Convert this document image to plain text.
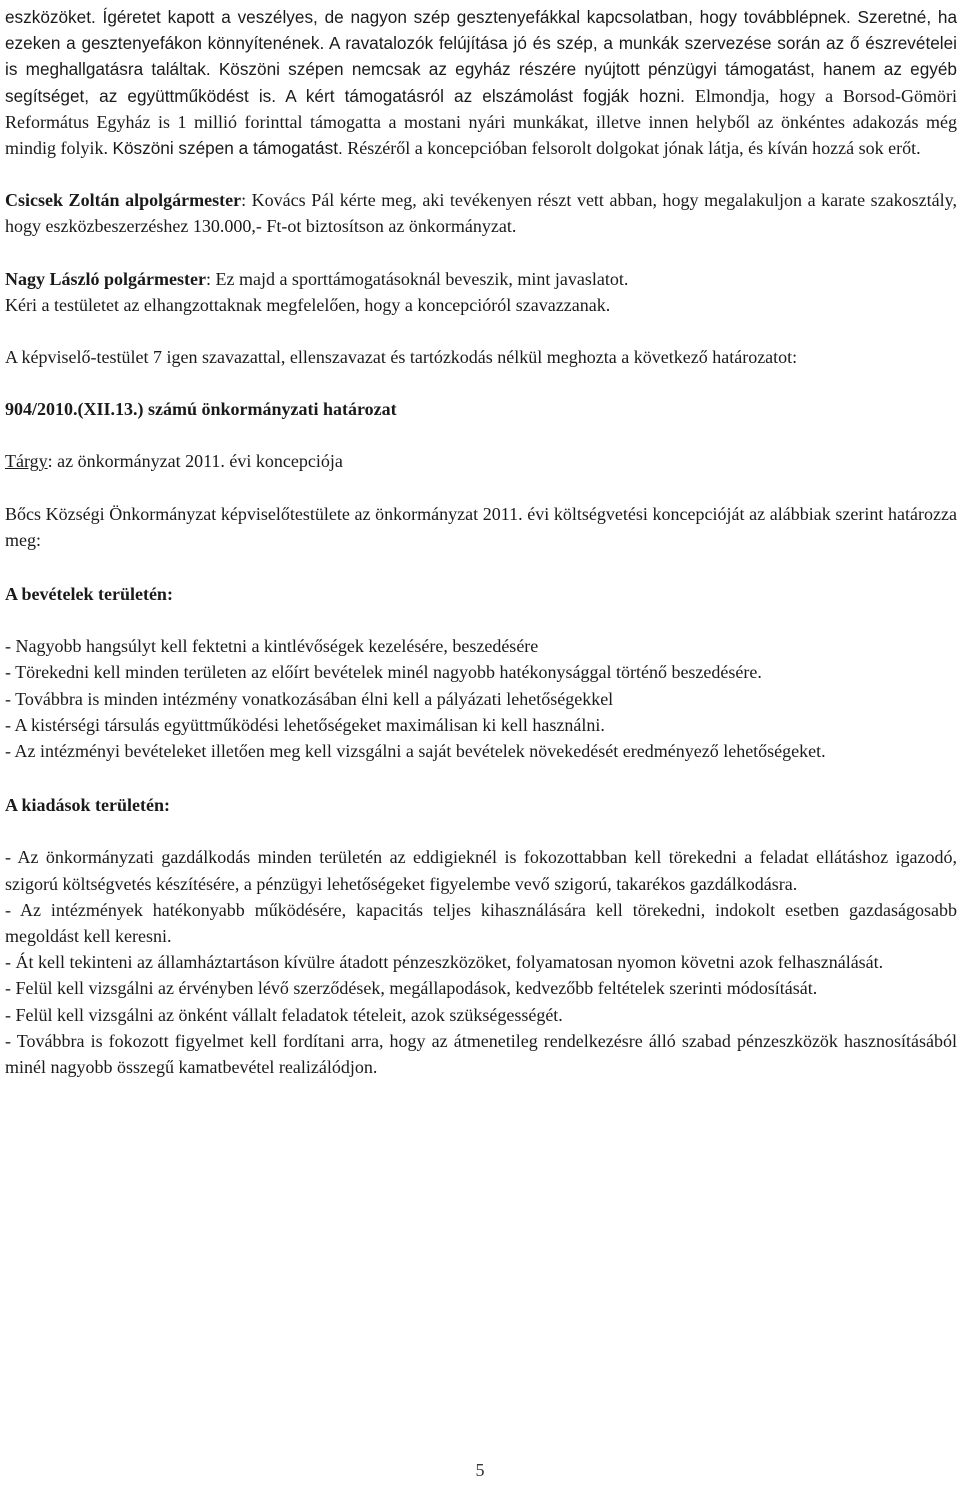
eszközöket. Ígéretet kapott a veszélyes, de nagyon szép gesztenyefákkal kapcsolatban, hogy továbblépnek. Szeretné, ha ezeken a gesztenyefákon könnyítenének. A ravatalozók felújítása jó és szép, a munkák szervezése során az ő észrevételei is meghallgatásra találtak. Köszöni szépen nemcsak az egyház részére nyújtott pénzügyi támogatást, hanem az egyéb segítséget, az együttműködést is. A kért támogatásról az elszámolást fogják hozni. Elmondja, hogy a Borsod-Gömöri Református Egyház is 1 millió forinttal támogatta a mostani nyári munkákat, illetve innen helyből az önkéntes adakozás még mindig folyik. Köszöni szépen a támogatást. Részéről a koncepcióban felsorolt dolgokat jónak látja, és kíván hozzá sok erőt.

Csicsek Zoltán alpolgármester: Kovács Pál kérte meg, aki tevékenyen részt vett abban, hogy megalakuljon a karate szakosztály, hogy eszközbeszerzéshez 130.000,- Ft-ot biztosítson az önkormányzat.

Nagy László polgármester: Ez majd a sporttámogatásoknál beveszik, mint javaslatot.
Kéri a testületet az elhangzottaknak megfelelően, hogy a koncepcióról szavazzanak.

A képviselő-testület 7 igen szavazattal, ellenszavazat és tartózkodás nélkül meghozta a következő határozatot:

904/2010.(XII.13.) számú önkormányzati határozat

Tárgy: az önkormányzat 2011. évi koncepciója

Bőcs Községi Önkormányzat képviselőtestülete az önkormányzat 2011. évi költségvetési koncepcióját az alábbiak szerint határozza meg:

A bevételek területén:

- Nagyobb hangsúlyt kell fektetni a kintlévőségek kezelésére, beszedésére

- Törekedni kell minden területen az előírt bevételek minél nagyobb hatékonysággal történő beszedésére.

- Továbbra is minden intézmény vonatkozásában élni kell a pályázati lehetőségekkel

- A kistérségi társulás együttműködési lehetőségeket maximálisan ki kell használni.

- Az intézményi bevételeket illetően meg kell vizsgálni a saját bevételek növekedését eredményező lehetőségeket.

A kiadások területén:

- Az önkormányzati gazdálkodás minden területén az eddigieknél is fokozottabban kell törekedni a feladat ellátáshoz igazodó, szigorú költségvetés készítésére, a pénzügyi lehetőségeket figyelembe vevő szigorú, takarékos gazdálkodásra.

- Az intézmények hatékonyabb működésére, kapacitás teljes kihasználására kell törekedni, indokolt esetben gazdaságosabb megoldást kell keresni.

- Át kell tekinteni az államháztartáson kívülre átadott pénzeszközöket, folyamatosan nyomon követni azok felhasználását.

- Felül kell vizsgálni az érvényben lévő szerződések, megállapodások, kedvezőbb feltételek szerinti módosítását.

- Felül kell vizsgálni az önként vállalt feladatok tételeit, azok szükségességét.

- Továbbra is fokozott figyelmet kell fordítani arra, hogy az átmenetileg rendelkezésre álló szabad pénzeszközök hasznosításából minél nagyobb összegű kamatbevétel realizálódjon.

5
